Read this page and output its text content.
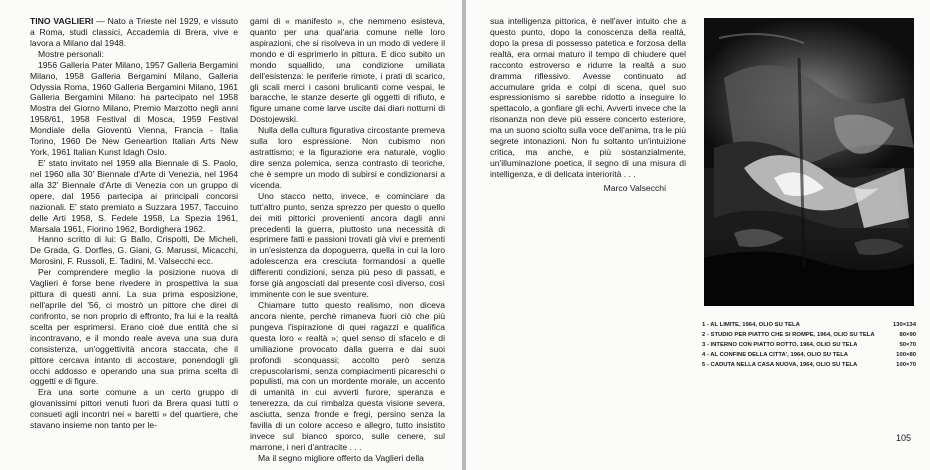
TINO VAGLIERI — Nato a Trieste nel 1929, e vissuto a Roma, studi classici, Accademia di Brera, vive e lavora a Milano dal 1948.

Mostre personali:

1956 Galleria Pater Milano, 1957 Galleria Bergamini Milano, 1958 Galleria Bergamini Milano, Galleria Odyssia Roma, 1960 Galleria Bergamini Milano, 1961 Galleria Bergamini Milano: ha partecipato nel 1958 Mostra del Giorno Milano, Premio Marzotto negli anni 1958/61, 1958 Festival di Mosca, 1959 Festival Mondiale della Gioventù Vienna, Francia - Italia Torino, 1960 De New Geneartion Italian Arts New York, 1961 Italian Kunst Idagh Oslo.

E' stato invitato nel 1959 alla Biennale di S. Paolo, nel 1960 alla 30' Biennale d'Arte di Venezia, nel 1964 alla 32' Biennale d'Arte di Venezia con un gruppo di opere, dal 1956 partecipa ai principali concorsi nazionali. E' stato premiato a Suzzara 1957, Taccuino delle Arti 1958, S. Fedele 1958, La Spezia 1961, Marsala 1961, Fiorino 1962, Bordighera 1962.

Hanno scritto di lui: G Ballo, Crispolti, De Micheli, De Grada, G. Dorfles, G. Giani, G. Marussi, Micacchi, Morosini, F. Russoli, E. Tadini, M. Valsecchi ecc.

Per comprendere meglio la posizione nuova di Vaglieri è forse bene rivedere in prospettiva la sua pittura di questi anni. La sua prima esposizione, nell'aprile del '56, ci mostrò un pittore che direi di confronto, se non proprio di effronto, fra lui e la realtà scelta per esprimersi. Erano cioè due entità che si incontravano, e il mondo reale aveva una sua dura consistenza, un'oggettività ancora staccata, che il pittore cercava intanto di accostare, ponendogli gli occhi addosso e operando una sua prima scelta di oggetti e di figure.

Era una sorte comune a un certo gruppo di giovanissimi pittori venuti fuori da Brera quasi tutti o consueti agli incontri nei « baretti » del quartiere, che stavano insieme non tanto per le-

gami di « manifesto », che nemmeno esisteva, quanto per una qual'aria comune nelle loro aspirazioni, che si risolveva in un modo di vedere il mondo e di esprimerlo in pittura. E dico subito un mondo squallido, una condizione umiliata dell'esistenza: le periferie rimote, i prati di scarico, gli scali merci i casoni brulicanti come vespai, le baracche, le stanze deserte gli oggetti di rifiuto, e figure umane come larve uscite dai diari notturni di Dostojewski.

Nulla della cultura figurativa circostante premeva sulla loro espressione. Non cubismo non astrattismo; e la figurazione era naturale, voglio dire senza polemica, senza contrasto di teoriche, che è sempre un modo di subirsi e condizionarsi a vicenda.

Uno stacco netto, invece, e cominciare da tutt'altro punto, senza sprezzo per questo o quello dei miti pittorici provenienti ancora dagli anni precedenti la guerra, piuttosto una necessità di esprimere fatti e passioni trovati già vivi e prementi in un'esistenza da dopoguerra, quella in cui la loro adolescenza era cresciuta formandosi a quelle differenti condizioni, senza più peso di passati, e forse già angosciati dal presente così diverso, così imminente con le sue sventure.

Chiamare tutto questo realismo, non diceva ancora niente, perchè rimaneva fuori ciò che più pungeva l'ispirazione di quei ragazzi e qualifica questa loro « realtà »; quel senso di sfacelo e di umiliazione provocato dalla guerra e dai suoi profondi sconquassi; accolto però senza crepuscolarismi, senza compiacimenti picareschi o populisti, ma con un mordente morale, un accento di umanità in cui avverti furore, speranza e tenerezza, da cui rimbalza questa visione severa, asciutta, senza fronde e fregi, persino senza la favilla di un colore acceso e allegro, tutto insistito invece sul bianco sporco, sulle cenere, sul marrone, i neri d'antracite . . .

Ma il segno migliore offerto da Vaglieri della

sua intelligenza pittorica, è nell'aver intuito che a questo punto, dopo la conoscenza della realtà, dopo la presa di possesso patetica e forzosa della realtà, era ormai maturo il tempo di chiudere quel racconto estroverso e ridurre la realtà a suo dramma riflessivo. Avesse continuato ad accumulare grida e colpi di scena, quel suo espressionismo si sarebbe ridotto a inseguire lo spettacolo, a gonfiare gli echi. Avverti invece che la risonanza non deve più essere concerto esteriore, ma un suono sciolto sulla voce dell'anima, tra le più segrete intonazioni. Non fu soltanto un'intuizione critica, ma anche, e più sostanzialmente, un'illuminazione poetica, il segno di una misura di intelligenza, e di delicata interiorità . . .

Marco Valsecchi

1 - AL LIMITE, 1964, OLIO SU TELA	130×134
2 - STUDIO PER PIATTO CHE SI ROMPE, 1964, OLIO SU TELA	80×90
3 - INTERNO CON PIATTO ROTTO, 1964, OLIO SU TELA	50×70
4 - AL CONFINE DELLA CITTA', 1964, OLIO SU TELA	100×80
5 - CADUTA NELLA CASA NUOVA, 1964, OLIO SU TELA	100×70
105
